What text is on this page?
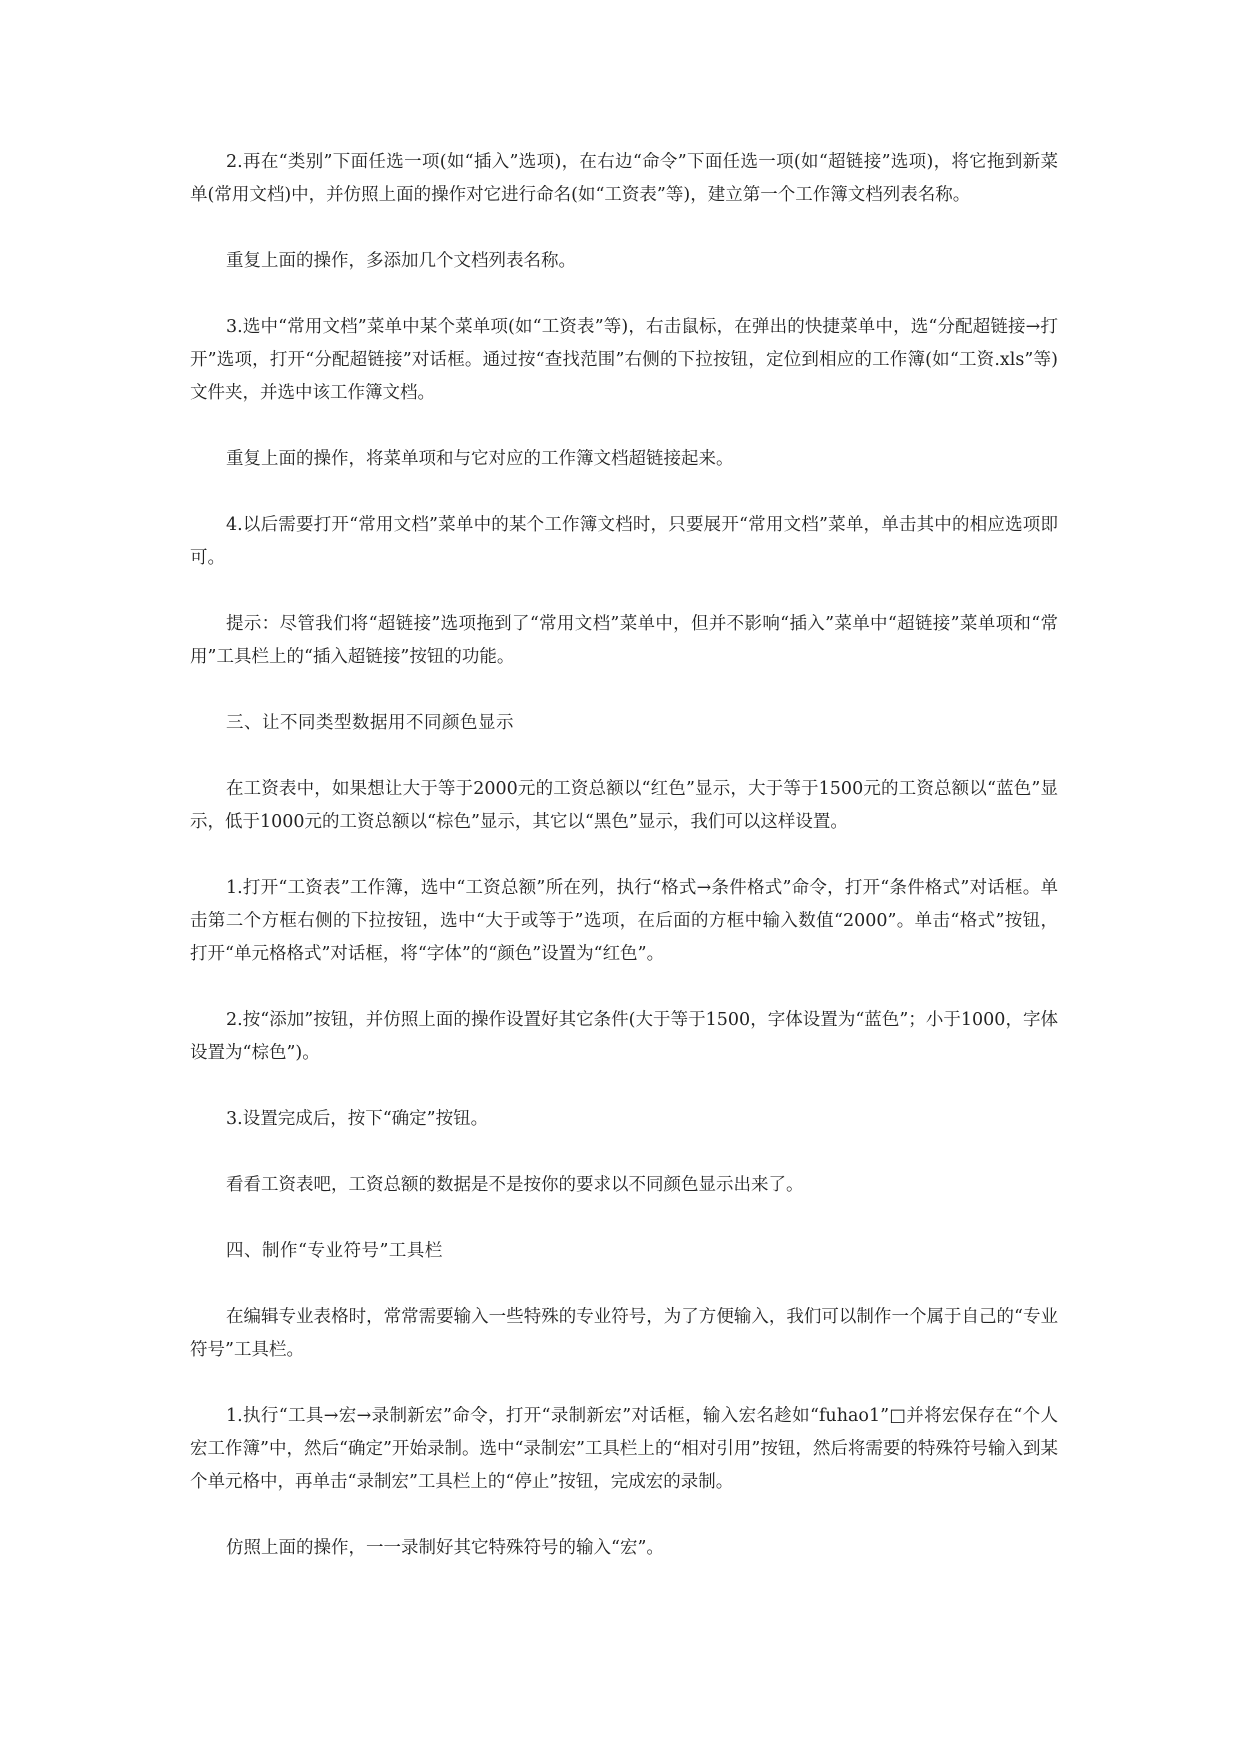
2.再在“类别”下面任选一项(如“插入”选项)，在右边“命令”下面任选一项(如“超链接”选项)，将它拖到新菜单(常用文档)中，并仿照上面的操作对它进行命名(如“工资表”等)，建立第一个工作簿文档列表名称。

重复上面的操作，多添加几个文档列表名称。

3.选中“常用文档”菜单中某个菜单项(如“工资表”等)，右击鼠标，在弹出的快捷菜单中，选“分配超链接→打开”选项，打开“分配超链接”对话框。通过按“查找范围”右侧的下拉按钮，定位到相应的工作簿(如“工资.xls”等)文件夹，并选中该工作簿文档。

重复上面的操作，将菜单项和与它对应的工作簿文档超链接起来。

4.以后需要打开“常用文档”菜单中的某个工作簿文档时，只要展开“常用文档”菜单，单击其中的相应选项即可。

提示：尽管我们将“超链接”选项拖到了“常用文档”菜单中，但并不影响“插入”菜单中“超链接”菜单项和“常用”工具栏上的“插入超链接”按钮的功能。

三、让不同类型数据用不同颜色显示

在工资表中，如果想让大于等于2000元的工资总额以“红色”显示，大于等于1500元的工资总额以“蓝色”显示，低于1000元的工资总额以“棕色”显示，其它以“黑色”显示，我们可以这样设置。

1.打开“工资表”工作簿，选中“工资总额”所在列，执行“格式→条件格式”命令，打开“条件格式”对话框。单击第二个方框右侧的下拉按钮，选中“大于或等于”选项，在后面的方框中输入数值“2000”。单击“格式”按钮，打开“单元格格式”对话框，将“字体”的“颜色”设置为“红色”。

2.按“添加”按钮，并仿照上面的操作设置好其它条件(大于等于1500，字体设置为“蓝色”；小于1000，字体设置为“棕色”)。

3.设置完成后，按下“确定”按钮。

看看工资表吧，工资总额的数据是不是按你的要求以不同颜色显示出来了。

四、制作“专业符号”工具栏

在编辑专业表格时，常常需要输入一些特殊的专业符号，为了方便输入，我们可以制作一个属于自己的“专业符号”工具栏。

1.执行“工具→宏→录制新宏”命令，打开“录制新宏”对话框，输入宏名趁如“fuhao1”□并将宏保存在“个人宏工作簿”中，然后“确定”开始录制。选中“录制宏”工具栏上的“相对引用”按钮，然后将需要的特殊符号输入到某个单元格中，再单击“录制宏”工具栏上的“停止”按钮，完成宏的录制。

仿照上面的操作，一一录制好其它特殊符号的输入“宏”。
